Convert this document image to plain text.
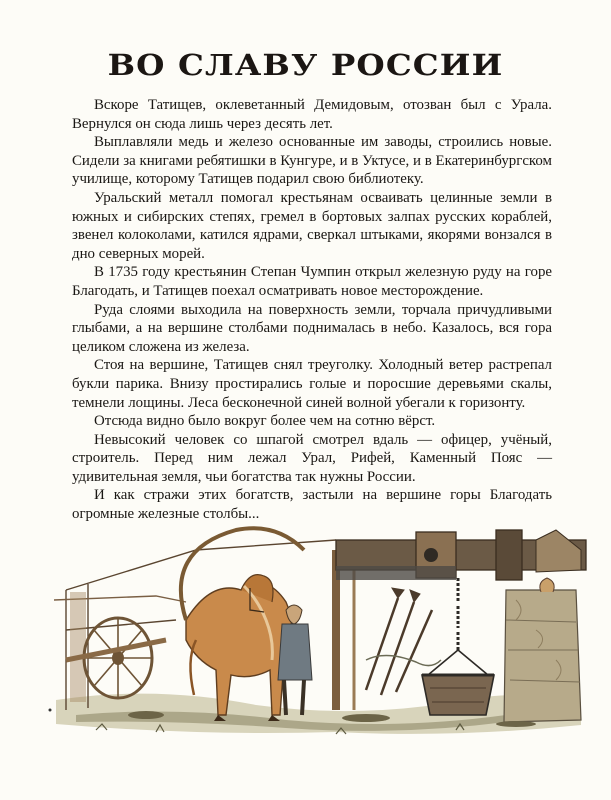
ВО СЛАВУ РОССИИ

Вскоре Татищев, оклеветанный Демидовым, отозван был с Урала. Вернулся он сюда лишь через десять лет.

Выплавляли медь и железо основанные им заводы, строились новые. Сидели за книгами ребятишки в Кунгуре, и в Уктусе, и в Екатеринбургском училище, которому Татищев подарил свою библиотеку.

Уральский металл помогал крестьянам осваивать целинные земли в южных и сибирских степях, гремел в бортовых залпах русских кораблей, звенел колоколами, катился ядрами, сверкал штыками, якорями вонзался в дно северных морей.

В 1735 году крестьянин Степан Чумпин открыл железную руду на горе Благодать, и Татищев поехал осматривать новое месторождение.

Руда слоями выходила на поверхность земли, торчала причудливыми глыбами, а на вершине столбами поднималась в небо. Казалось, вся гора целиком сложена из железа.

Стоя на вершине, Татищев снял треуголку. Холодный ветер растрепал букли парика. Внизу простирались голые и поросшие деревьями скалы, темнели лощины. Леса бесконечной синей волной убегали к горизонту.

Отсюда видно было вокруг более чем на сотню вёрст.

Невысокий человек со шпагой смотрел вдаль — офицер, учёный, строитель. Перед ним лежал Урал, Рифей, Каменный Пояс — удивительная земля, чьи богатства так нужны России.

И как стражи этих богатств, застыли на вершине горы Благодать огромные железные столбы...
